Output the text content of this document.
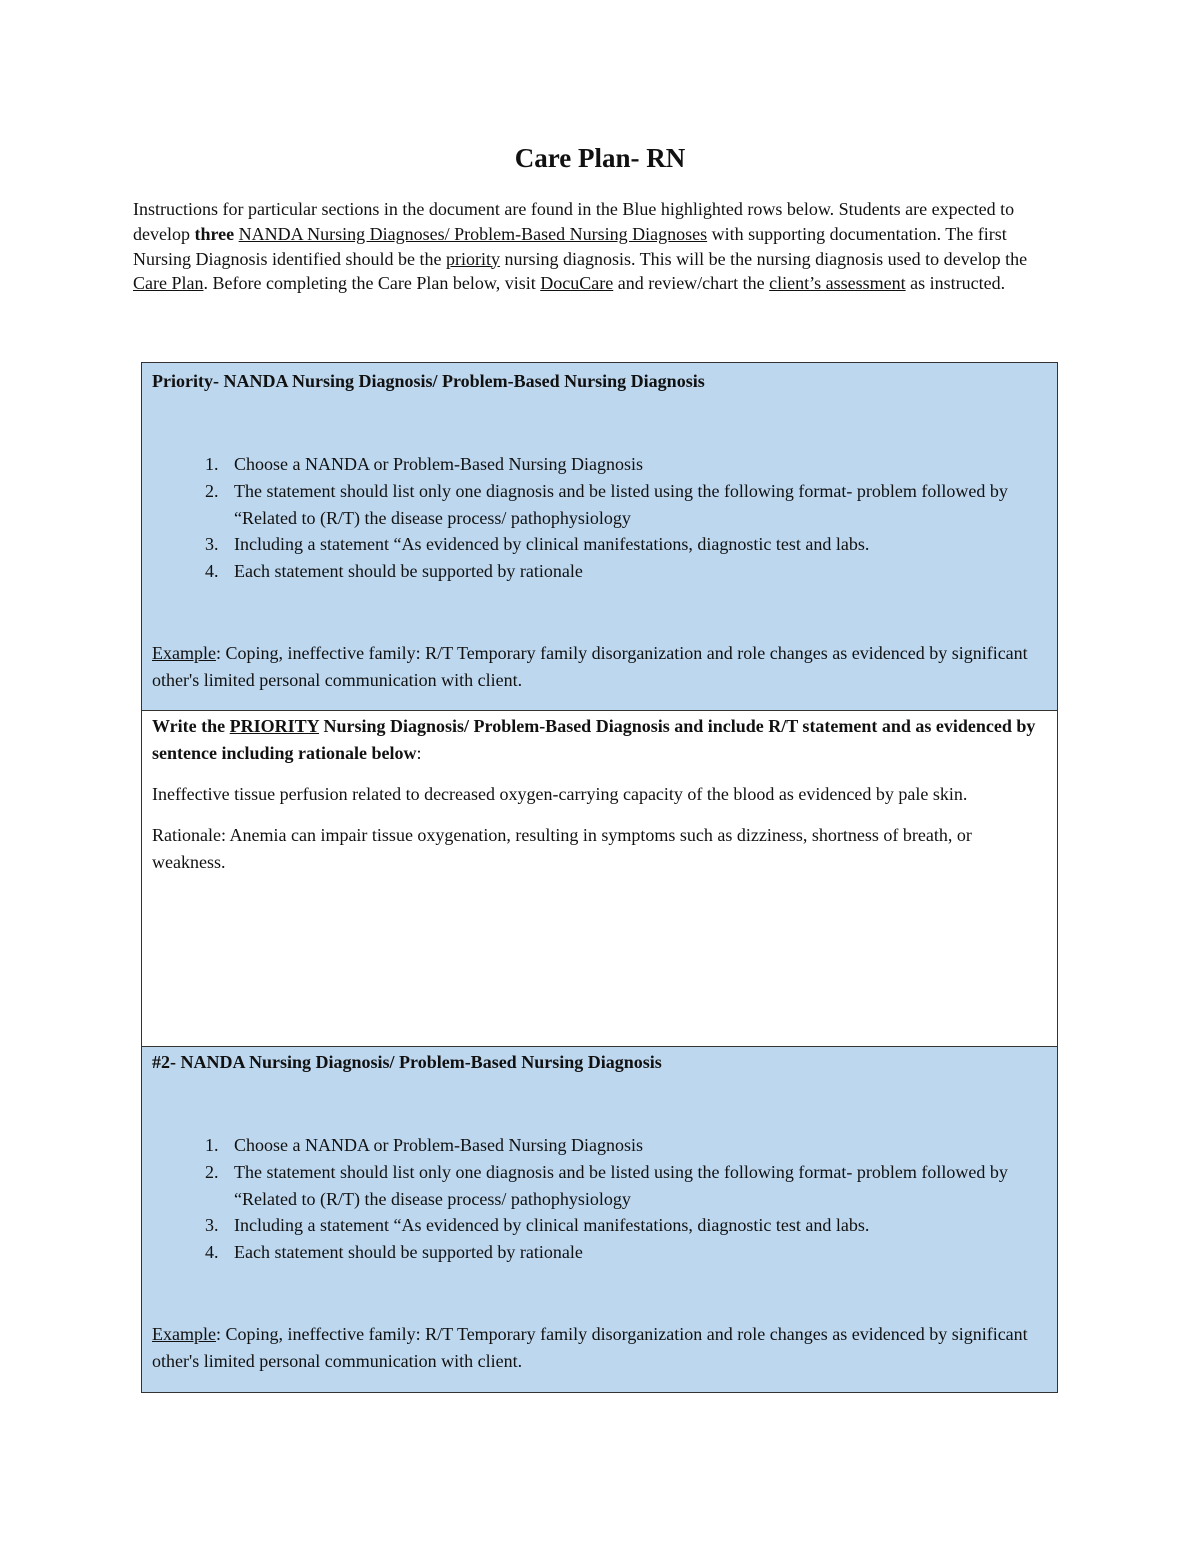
Care Plan- RN

Instructions for particular sections in the document are found in the Blue highlighted rows below. Students are expected to develop three NANDA Nursing Diagnoses/ Problem-Based Nursing Diagnoses with supporting documentation. The first Nursing Diagnosis identified should be the priority nursing diagnosis. This will be the nursing diagnosis used to develop the Care Plan. Before completing the Care Plan below, visit DocuCare and review/chart the client’s assessment as instructed.

Priority- NANDA Nursing Diagnosis/ Problem-Based Nursing Diagnosis

1. Choose a NANDA or Problem-Based Nursing Diagnosis
2. The statement should list only one diagnosis and be listed using the following format- problem followed by “Related to (R/T) the disease process/ pathophysiology
3. Including a statement “As evidenced by clinical manifestations, diagnostic test and labs.
4. Each statement should be supported by rationale

Example: Coping, ineffective family: R/T Temporary family disorganization and role changes as evidenced by significant other's limited personal communication with client.

Write the PRIORITY Nursing Diagnosis/ Problem-Based Diagnosis and include R/T statement and as evidenced by sentence including rationale below:

Ineffective tissue perfusion related to decreased oxygen-carrying capacity of the blood as evidenced by pale skin.

Rationale: Anemia can impair tissue oxygenation, resulting in symptoms such as dizziness, shortness of breath, or weakness.

#2- NANDA Nursing Diagnosis/ Problem-Based Nursing Diagnosis

1. Choose a NANDA or Problem-Based Nursing Diagnosis
2. The statement should list only one diagnosis and be listed using the following format- problem followed by “Related to (R/T) the disease process/ pathophysiology
3. Including a statement “As evidenced by clinical manifestations, diagnostic test and labs.
4. Each statement should be supported by rationale

Example: Coping, ineffective family: R/T Temporary family disorganization and role changes as evidenced by significant other's limited personal communication with client.
